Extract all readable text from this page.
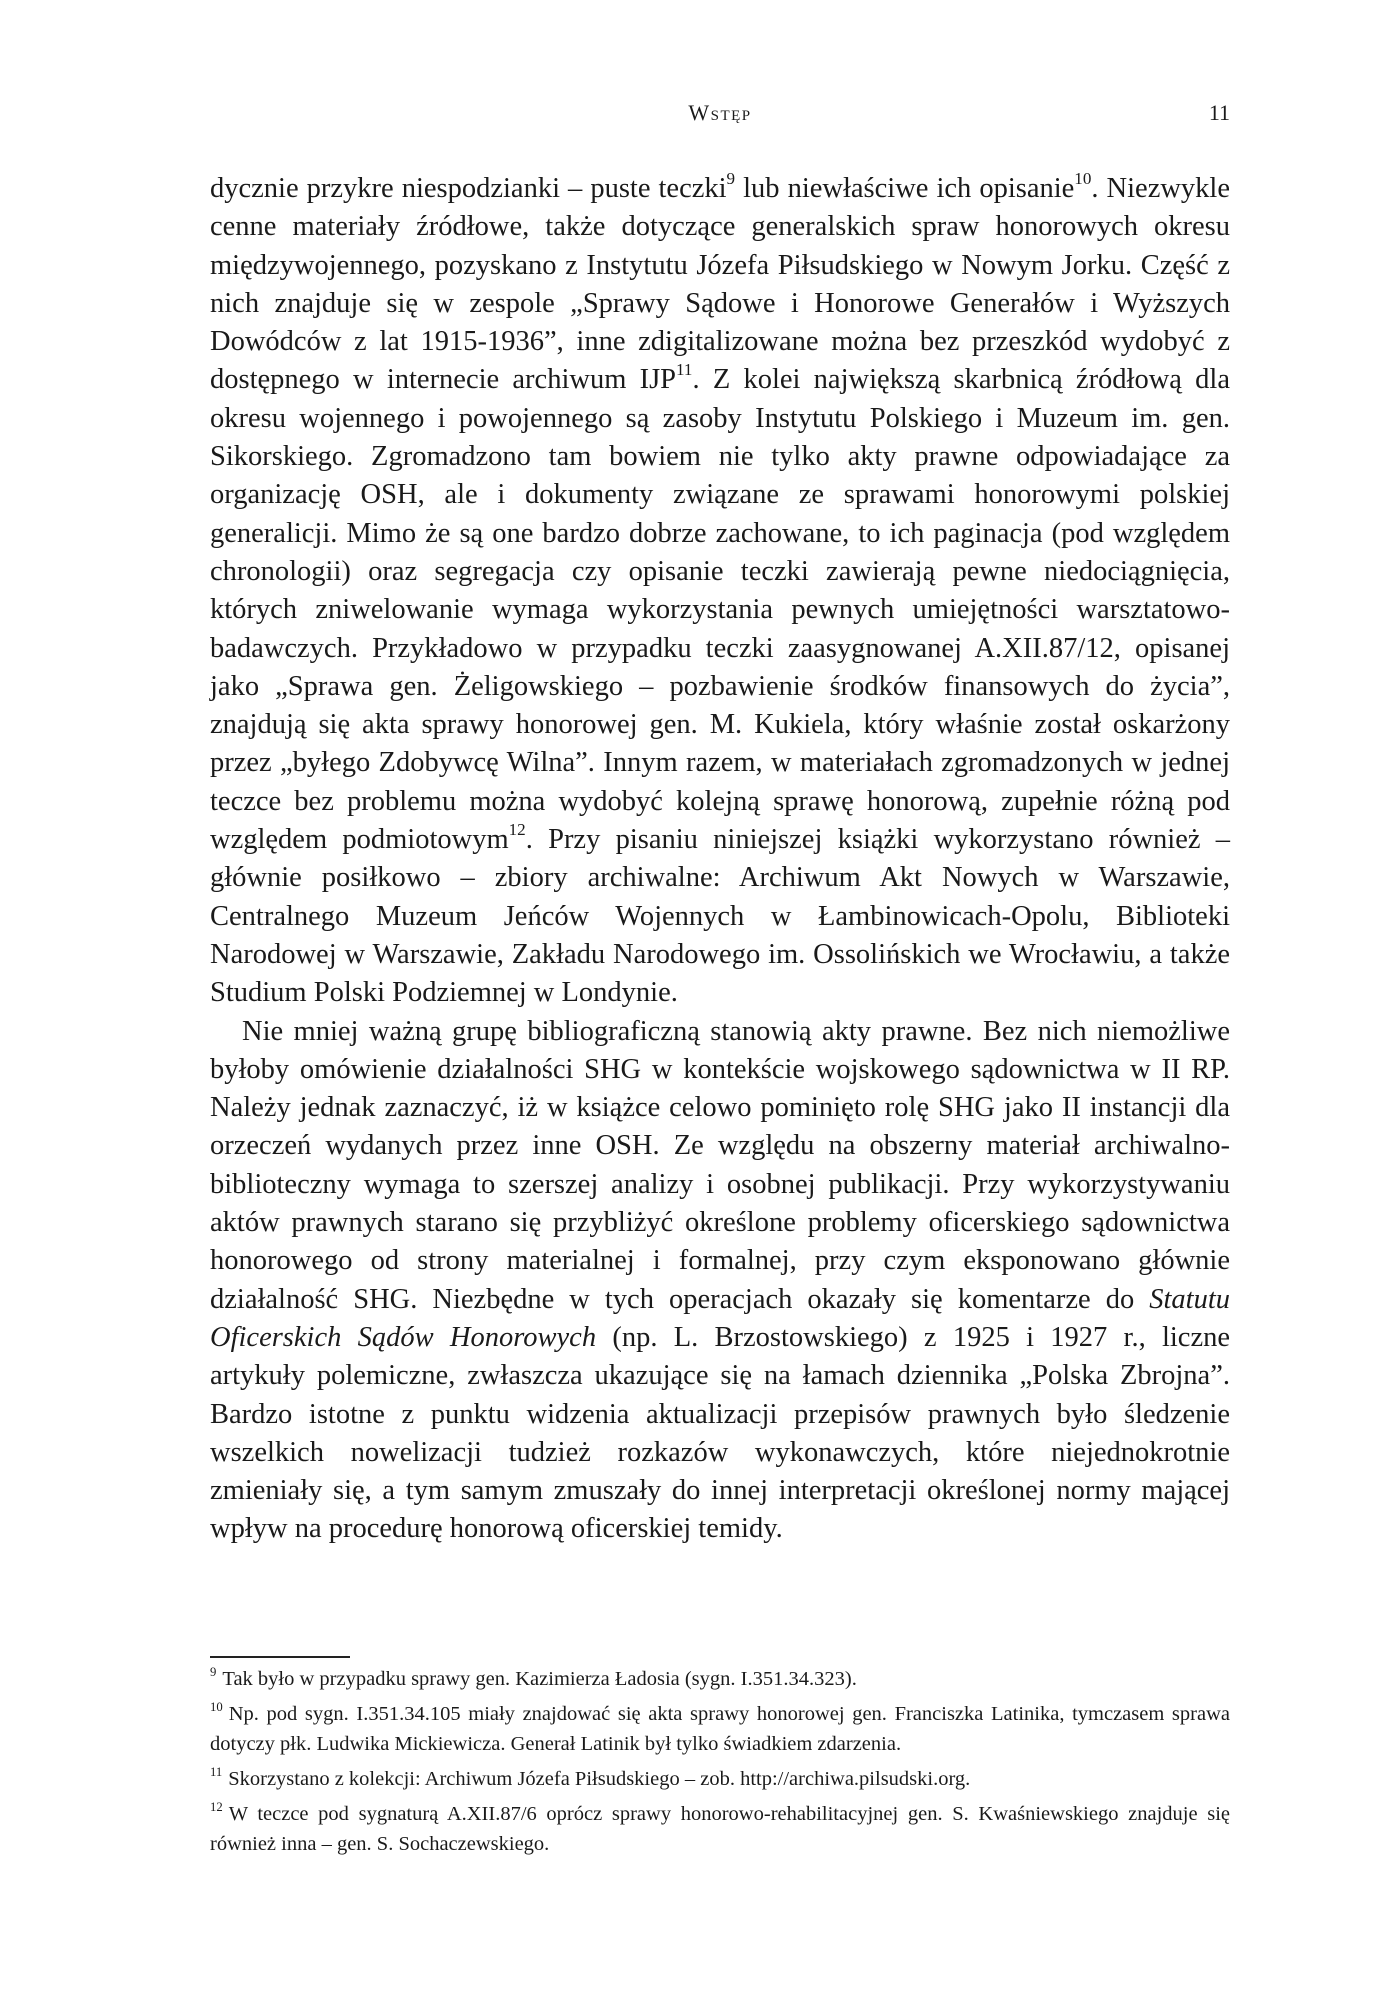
Wstęp	11

dycznie przykre niespodzianki – puste teczki$^9$ lub niewłaściwe ich opisanie$^{10}$. Niezwykle cenne materiały źródłowe, także dotyczące generalskich spraw honorowych okresu międzywojennego, pozyskano z Instytutu Józefa Piłsudskiego w Nowym Jorku. Część z nich znajduje się w zespole „Sprawy Sądowe i Honorowe Generałów i Wyższych Dowódców z lat 1915-1936”, inne zdigitalizowane można bez przeszkód wydobyć z dostępnego w internecie archiwum IJP$^{11}$. Z kolei największą skarbnicą źródłową dla okresu wojennego i powojennego są zasoby Instytutu Polskiego i Muzeum im. gen. Sikorskiego. Zgromadzono tam bowiem nie tylko akty prawne odpowiadające za organizację OSH, ale i dokumenty związane ze sprawami honorowymi polskiej generalicji. Mimo że są one bardzo dobrze zachowane, to ich paginacja (pod względem chronologii) oraz segregacja czy opisanie teczki zawierają pewne niedociągnięcia, których zniwelowanie wymaga wykorzystania pewnych umiejętności warsztatowo-badawczych. Przykładowo w przypadku teczki zaasygnowanej A.XII.87/12, opisanej jako „Sprawa gen. Żeligowskiego – pozbawienie środków finansowych do życia”, znajdują się akta sprawy honorowej gen. M. Kukiela, który właśnie został oskarżony przez „byłego Zdobywcę Wilna”. Innym razem, w materiałach zgromadzonych w jednej teczce bez problemu można wydobyć kolejną sprawę honorową, zupełnie różną pod względem podmiotowym$^{12}$. Przy pisaniu niniejszej książki wykorzystano również – głównie posiłkowo – zbiory archiwalne: Archiwum Akt Nowych w Warszawie, Centralnego Muzeum Jeńców Wojennych w Łambinowicach-Opolu, Biblioteki Narodowej w Warszawie, Zakładu Narodowego im. Ossolińskich we Wrocławiu, a także Studium Polski Podziemnej w Londynie.

Nie mniej ważną grupę bibliograficzną stanowią akty prawne. Bez nich niemożliwe byłoby omówienie działalności SHG w kontekście wojskowego sądownictwa w II RP. Należy jednak zaznaczyć, iż w książce celowo pominięto rolę SHG jako II instancji dla orzeczeń wydanych przez inne OSH. Ze względu na obszerny materiał archiwalno-biblioteczny wymaga to szerszej analizy i osobnej publikacji. Przy wykorzystywaniu aktów prawnych starano się przybliżyć określone problemy oficerskiego sądownictwa honorowego od strony materialnej i formalnej, przy czym eksponowano głównie działalność SHG. Niezbędne w tych operacjach okazały się komentarze do Statutu Oficerskich Sądów Honorowych (np. L. Brzostowskiego) z 1925 i 1927 r., liczne artykuły polemiczne, zwłaszcza ukazujące się na łamach dziennika „Polska Zbrojna”. Bardzo istotne z punktu widzenia aktualizacji przepisów prawnych było śledzenie wszelkich nowelizacji tudzież rozkazów wykonawczych, które niejednokrotnie zmieniały się, a tym samym zmuszały do innej interpretacji określonej normy mającej wpływ na procedurę honorową oficerskiej temidy.

$^9$ Tak było w przypadku sprawy gen. Kazimierza Ładosia (sygn. I.351.34.323).
$^{10}$ Np. pod sygn. I.351.34.105 miały znajdować się akta sprawy honorowej gen. Franciszka Latinika, tymczasem sprawa dotyczy płk. Ludwika Mickiewicza. Generał Latinik był tylko świadkiem zdarzenia.
$^{11}$ Skorzystano z kolekcji: Archiwum Józefa Piłsudskiego – zob. http://archiwa.pilsudski.org.
$^{12}$ W teczce pod sygnaturą A.XII.87/6 oprócz sprawy honorowo-rehabilitacyjnej gen. S. Kwaśniewskiego znajduje się również inna – gen. S. Sochaczewskiego.
